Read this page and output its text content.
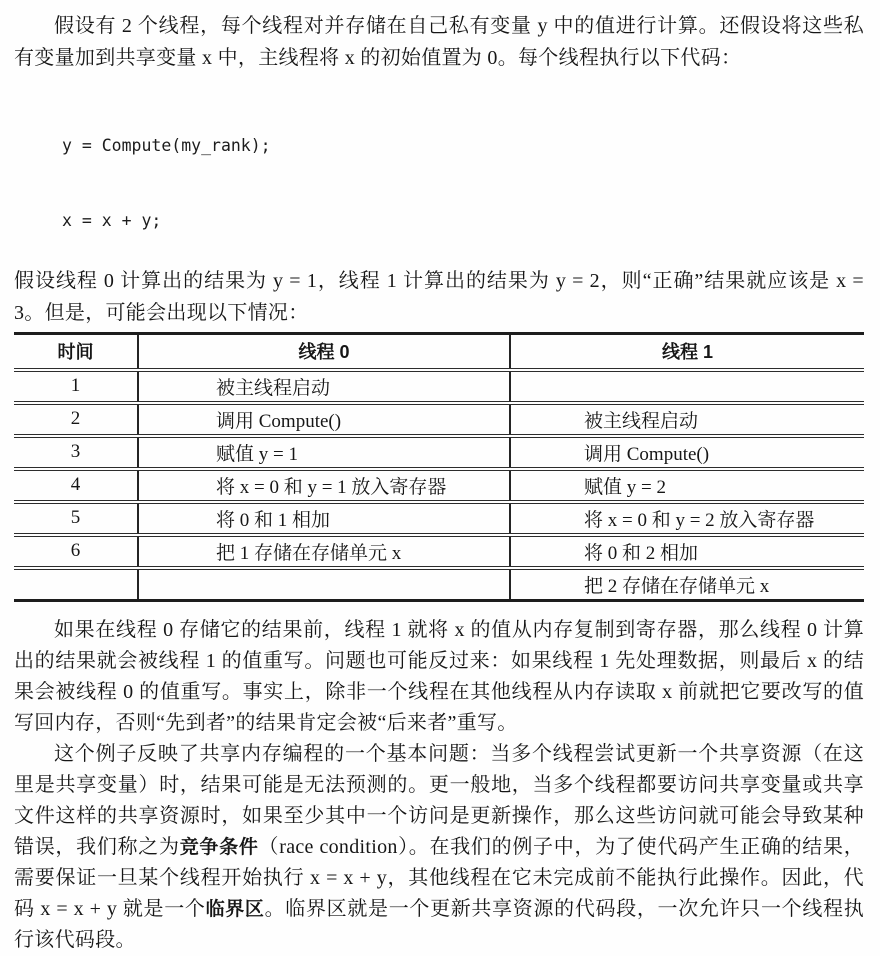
假设有 2 个线程，每个线程对并存储在自己私有变量 y 中的值进行计算。还假设将这些私有变量加到共享变量 x 中，主线程将 x 的初始值置为 0。每个线程执行以下代码：

y = Compute(my_rank);

x = x + y;

假设线程 0 计算出的结果为 y = 1，线程 1 计算出的结果为 y = 2，则“正确”结果就应该是 x = 3。但是，可能会出现以下情况：

时间	线程 0	线程 1
1	被主线程启动	
2	调用 Compute()	被主线程启动
3	赋值 y = 1	调用 Compute()
4	将 x = 0 和 y = 1 放入寄存器	赋值 y = 2
5	将 0 和 1 相加	将 x = 0 和 y = 2 放入寄存器
6	把 1 存储在存储单元 x	将 0 和 2 相加
		把 2 存储在存储单元 x

如果在线程 0 存储它的结果前，线程 1 就将 x 的值从内存复制到寄存器，那么线程 0 计算出的结果就会被线程 1 的值重写。问题也可能反过来：如果线程 1 先处理数据，则最后 x 的结果会被线程 0 的值重写。事实上，除非一个线程在其他线程从内存读取 x 前就把它要改写的值写回内存，否则“先到者”的结果肯定会被“后来者”重写。

这个例子反映了共享内存编程的一个基本问题：当多个线程尝试更新一个共享资源（在这里是共享变量）时，结果可能是无法预测的。更一般地，当多个线程都要访问共享变量或共享文件这样的共享资源时，如果至少其中一个访问是更新操作，那么这些访问就可能会导致某种错误，我们称之为竞争条件（race condition）。在我们的例子中，为了使代码产生正确的结果，需要保证一旦某个线程开始执行 x = x + y，其他线程在它未完成前不能执行此操作。因此，代码 x = x + y 就是一个临界区。临界区就是一个更新共享资源的代码段，一次允许只一个线程执行该代码段。
